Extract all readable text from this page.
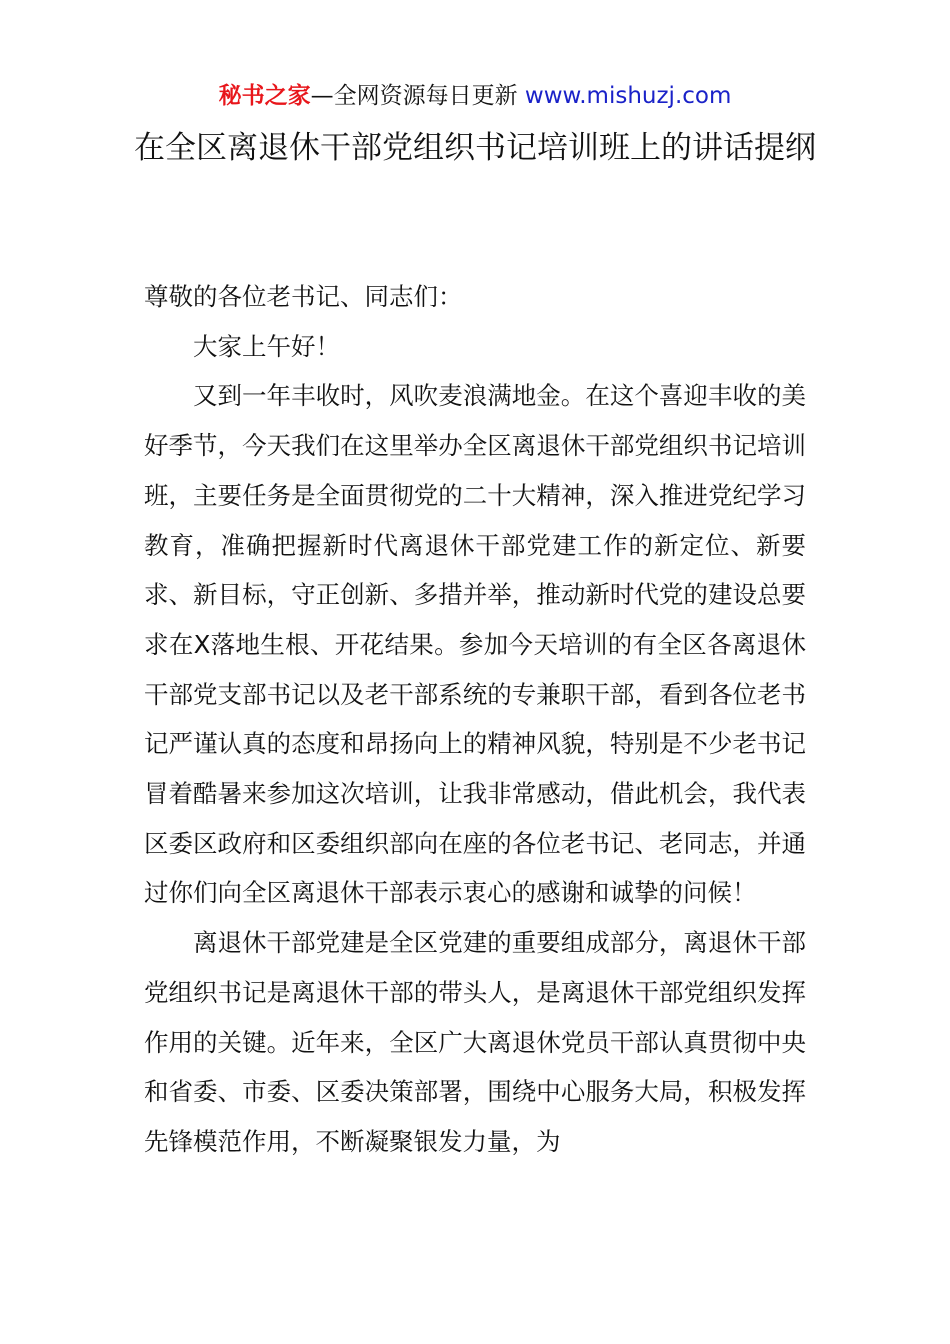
秘书之家—全网资源每日更新 www.mishuzj.com
在全区离退休干部党组织书记培训班上的讲话提纲

尊敬的各位老书记、同志们：

大家上午好！

又到一年丰收时，风吹麦浪满地金。在这个喜迎丰收的美好季节，今天我们在这里举办全区离退休干部党组织书记培训班，主要任务是全面贯彻党的二十大精神，深入推进党纪学习教育，准确把握新时代离退休干部党建工作的新定位、新要求、新目标，守正创新、多措并举，推动新时代党的建设总要求在X落地生根、开花结果。参加今天培训的有全区各离退休干部党支部书记以及老干部系统的专兼职干部，看到各位老书记严谨认真的态度和昂扬向上的精神风貌，特别是不少老书记冒着酷暑来参加这次培训，让我非常感动，借此机会，我代表区委区政府和区委组织部向在座的各位老书记、老同志，并通过你们向全区离退休干部表示衷心的感谢和诚挚的问候！

离退休干部党建是全区党建的重要组成部分，离退休干部党组织书记是离退休干部的带头人，是离退休干部党组织发挥作用的关键。近年来，全区广大离退休党员干部认真贯彻中央和省委、市委、区委决策部署，围绕中心服务大局，积极发挥先锋模范作用，不断凝聚银发力量，为
